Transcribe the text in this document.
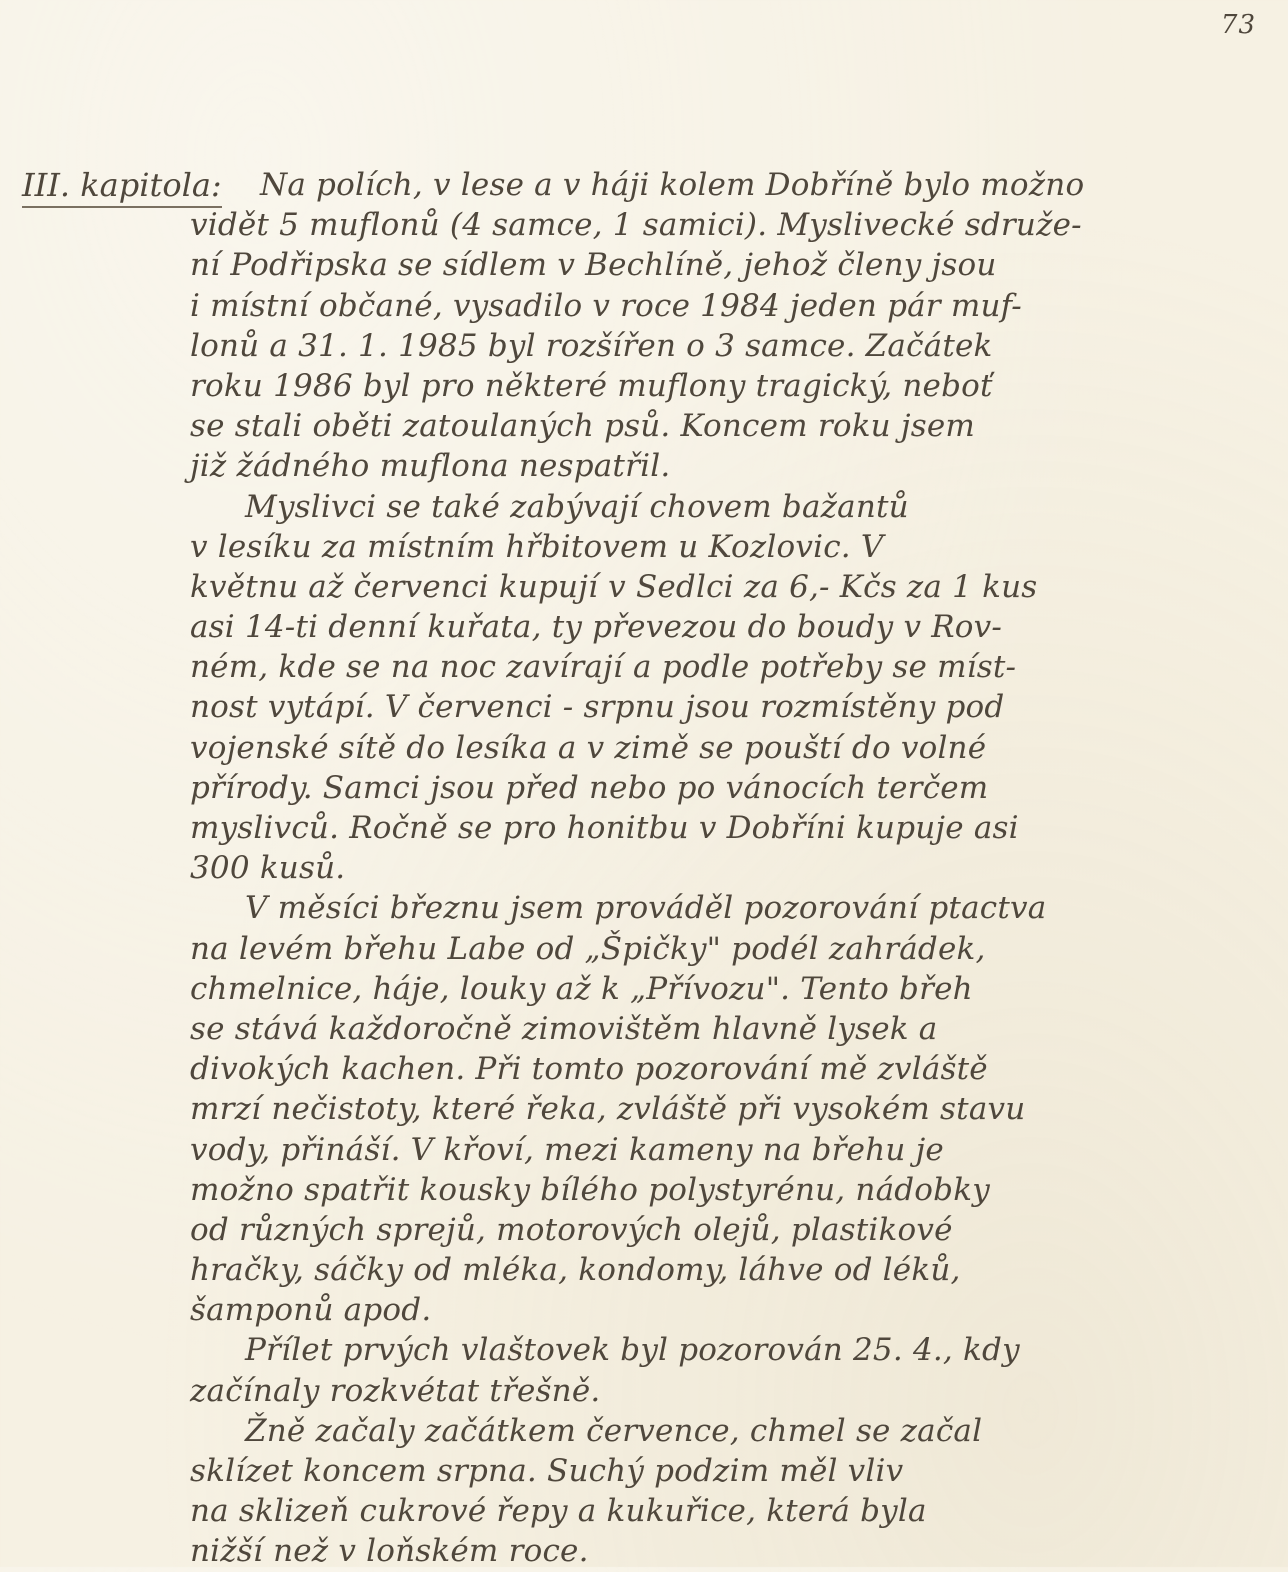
73
III. kapitola:	Na polích, v lese a v háji kolem Dobříně bylo možno
vidět 5 muflonů (4 samce, 1 samici). Myslivecké sdruže-
ní Podřipska se sídlem v Bechlíně, jehož členy jsou
i místní občané, vysadilo v roce 1984 jeden pár muf-
lonů a 31. 1. 1985 byl rozšířen o 3 samce. Začátek
roku 1986 byl pro některé muflony tragický, neboť
se stali oběti zatoulaných psů. Koncem roku jsem
již žádného muflona nespatřil.
Myslivci se také zabývají chovem bažantů
v lesíku za místním hřbitovem u Kozlovic. V
květnu až červenci kupují v Sedlci za 6,- Kčs za 1 kus
asi 14-ti denní kuřata, ty převezou do boudy v Rov-
ném, kde se na noc zavírají a podle potřeby se míst-
nost vytápí. V červenci - srpnu jsou rozmístěny pod
vojenské sítě do lesíka a v zimě se pouští do volné
přírody. Samci jsou před nebo po vánocích terčem
myslivců. Ročně se pro honitbu v Dobříni kupuje asi
300 kusů.
V měsíci březnu jsem prováděl pozorování ptactva
na levém břehu Labe od „Špičky" podél zahrádek,
chmelnice, háje, louky až k „Přívozu". Tento břeh
se stává každoročně zimovištěm hlavně lysek a
divokých kachen. Při tomto pozorování mě zvláště
mrzí nečistoty, které řeka, zvláště při vysokém stavu
vody, přináší. V křoví, mezi kameny na břehu je
možno spatřit kousky bílého polystyrénu, nádobky
od různých sprejů, motorových olejů, plastikové
hračky, sáčky od mléka, kondomy, láhve od léků,
šamponů apod.
Přílet prvých vlaštovek byl pozorován 25. 4., kdy
začínaly rozkvétat třešně.
Žně začaly začátkem července, chmel se začal
sklízet koncem srpna. Suchý podzim měl vliv
na sklizeň cukrové řepy a kukuřice, která byla
nižší než v loňském roce.
